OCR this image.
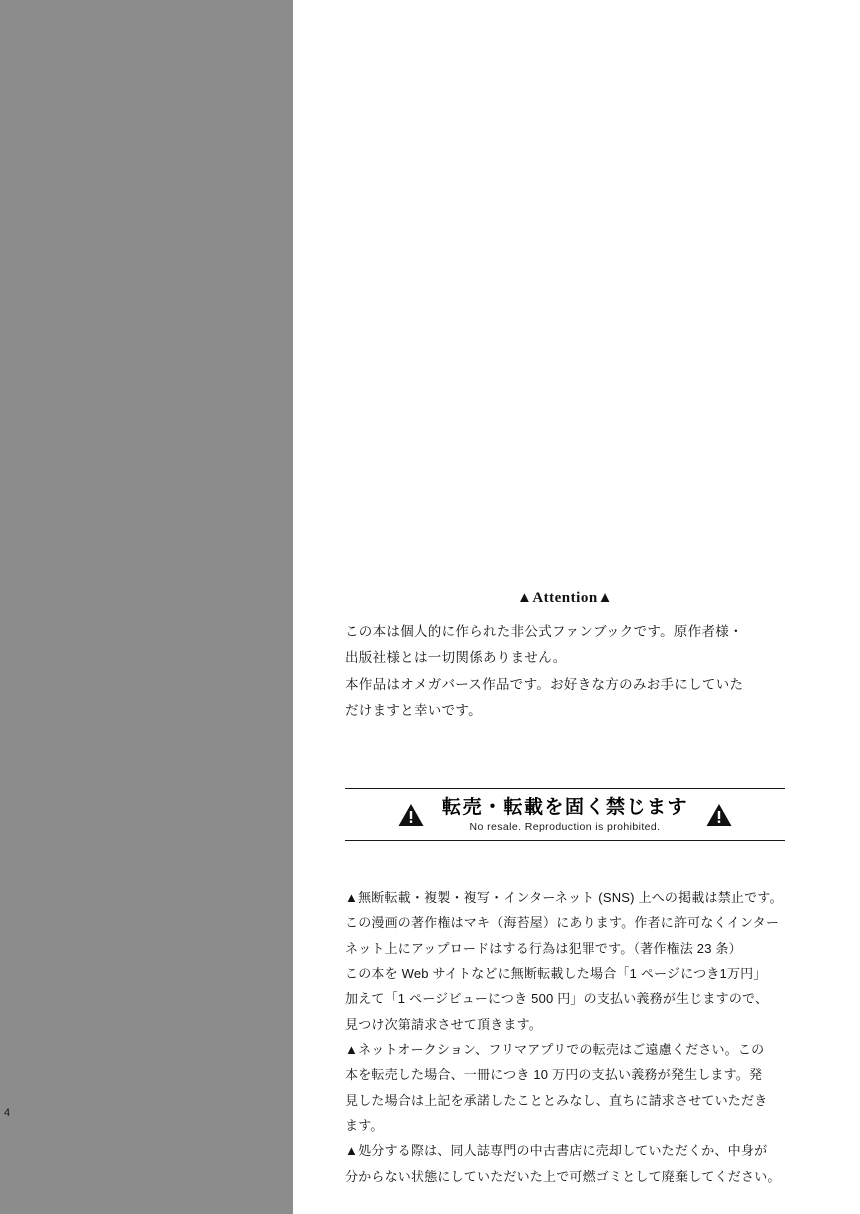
4
▲Attention▲

この本は個人的に作られた非公式ファンブックです。原作者様・

出版社様とは一切関係ありません。

本作品はオメガバース作品です。お好きな方のみお手にしていた

だけますと幸いです。

転売・転載を固く禁じます
No resale. Reproduction is prohibited.

▲無断転載・複製・複写・インターネット (SNS) 上への掲載は禁止です。

この漫画の著作権はマキ（海苔屋）にあります。作者に許可なくインター

ネット上にアップロードはする行為は犯罪です。（著作権法 23 条）

この本を Web サイトなどに無断転載した場合「1 ページにつき1万円」

加えて「1 ページビューにつき 500 円」の支払い義務が生じますので、

見つけ次第請求させて頂きます。

▲ネットオークション、フリマアプリでの転売はご遠慮ください。この

本を転売した場合、一冊につき 10 万円の支払い義務が発生します。発

見した場合は上記を承諾したこととみなし、直ちに請求させていただき

ます。

▲処分する際は、同人誌専門の中古書店に売却していただくか、中身が

分からない状態にしていただいた上で可燃ゴミとして廃棄してください。
